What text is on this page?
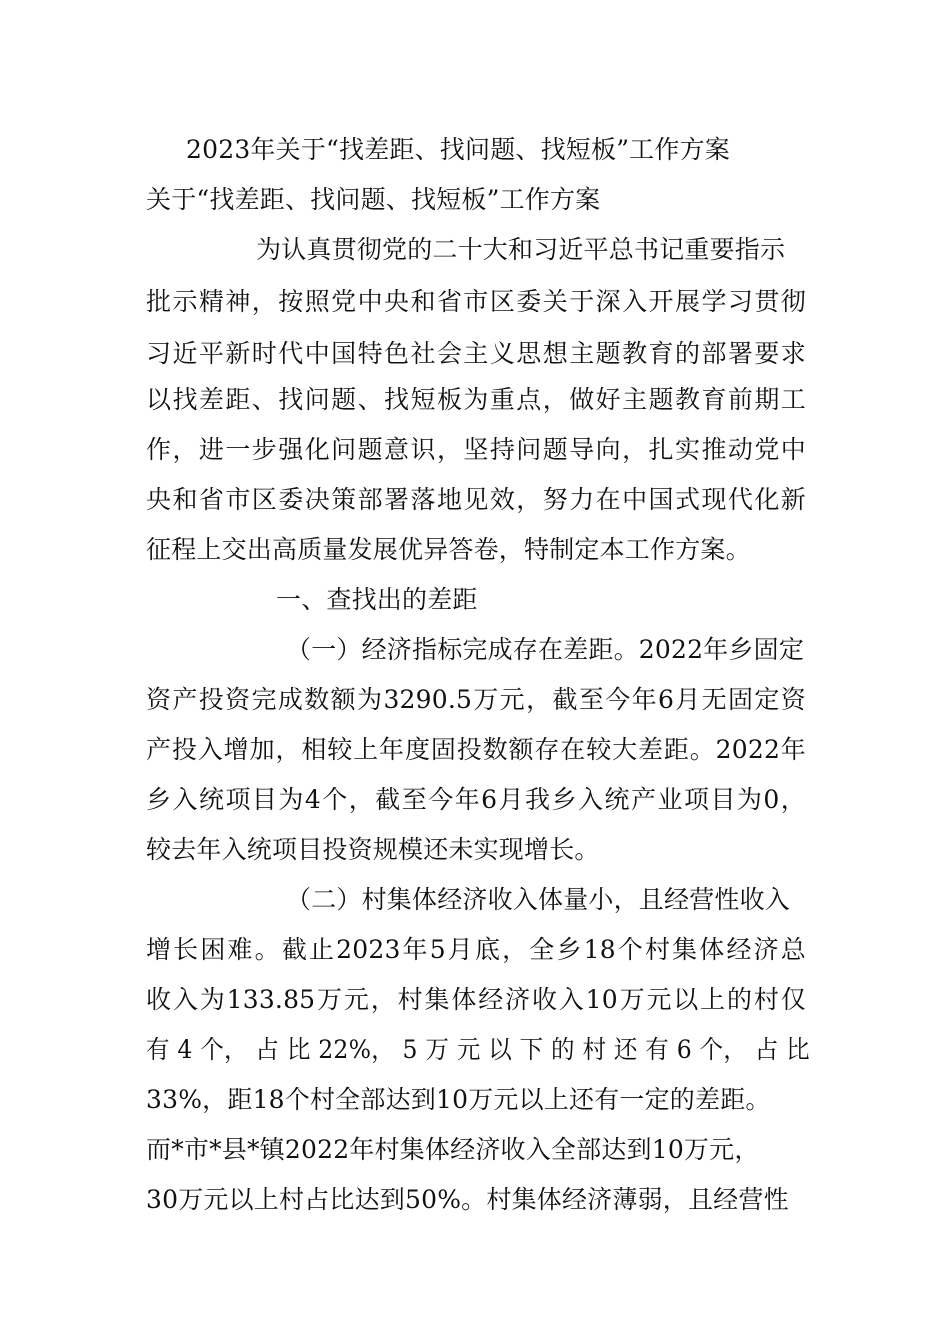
2023年关于“找差距、找问题、找短板”工作方案
关于“找差距、找问题、找短板”工作方案
为认真贯彻党的二十大和习近平总书记重要指示
批示精神，按照党中央和省市区委关于深入开展学习贯彻
习近平新时代中国特色社会主义思想主题教育的部署要求
以找差距、找问题、找短板为重点，做好主题教育前期工
作，进一步强化问题意识，坚持问题导向，扎实推动党中
央和省市区委决策部署落地见效，努力在中国式现代化新
征程上交出高质量发展优异答卷，特制定本工作方案。
一、查找出的差距
（一）经济指标完成存在差距。2022年乡固定
资产投资完成数额为3290.5万元，截至今年6月无固定资
产投入增加，相较上年度固投数额存在较大差距。2022年
乡入统项目为4个，截至今年6月我乡入统产业项目为0，
较去年入统项目投资规模还未实现增长。
（二）村集体经济收入体量小，且经营性收入
增长困难。截止2023年5月底，全乡18个村集体经济总
收入为133.85万元，村集体经济收入10万元以上的村仅
有 4 个， 占 比 22%， 5 万 元 以 下 的 村 还 有 6 个， 占 比
33%，距18个村全部达到10万元以上还有一定的差距。
而*市*县*镇2022年村集体经济收入全部达到10万元，
30万元以上村占比达到50%。村集体经济薄弱，且经营性
